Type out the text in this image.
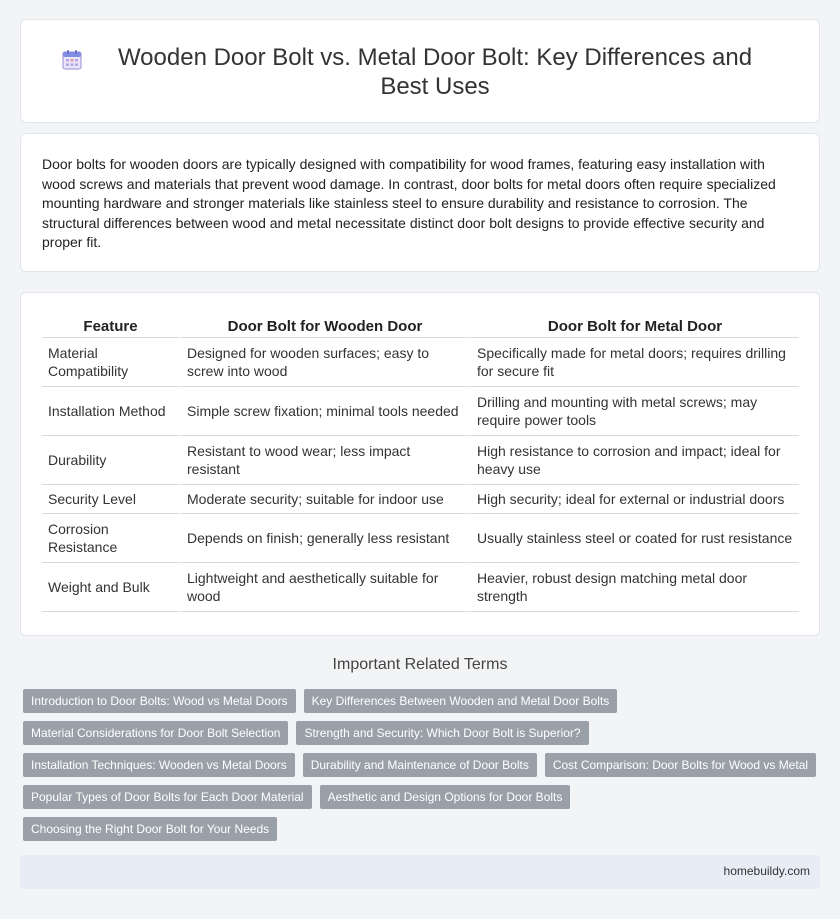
Wooden Door Bolt vs. Metal Door Bolt: Key Differences and Best Uses

Door bolts for wooden doors are typically designed with compatibility for wood frames, featuring easy installation with wood screws and materials that prevent wood damage. In contrast, door bolts for metal doors often require specialized mounting hardware and stronger materials like stainless steel to ensure durability and resistance to corrosion. The structural differences between wood and metal necessitate distinct door bolt designs to provide effective security and proper fit.

Feature	Door Bolt for Wooden Door	Door Bolt for Metal Door
Material Compatibility	Designed for wooden surfaces; easy to screw into wood	Specifically made for metal doors; requires drilling for secure fit
Installation Method	Simple screw fixation; minimal tools needed	Drilling and mounting with metal screws; may require power tools
Durability	Resistant to wood wear; less impact resistant	High resistance to corrosion and impact; ideal for heavy use
Security Level	Moderate security; suitable for indoor use	High security; ideal for external or industrial doors
Corrosion Resistance	Depends on finish; generally less resistant	Usually stainless steel or coated for rust resistance
Weight and Bulk	Lightweight and aesthetically suitable for wood	Heavier, robust design matching metal door strength
Important Related Terms
Introduction to Door Bolts: Wood vs Metal Doors	Key Differences Between Wooden and Metal Door Bolts
Material Considerations for Door Bolt Selection	Strength and Security: Which Door Bolt is Superior?
Installation Techniques: Wooden vs Metal Doors	Durability and Maintenance of Door Bolts	Cost Comparison: Door Bolts for Wood vs Metal
Popular Types of Door Bolts for Each Door Material	Aesthetic and Design Options for Door Bolts
Choosing the Right Door Bolt for Your Needs
homebuildy.com
